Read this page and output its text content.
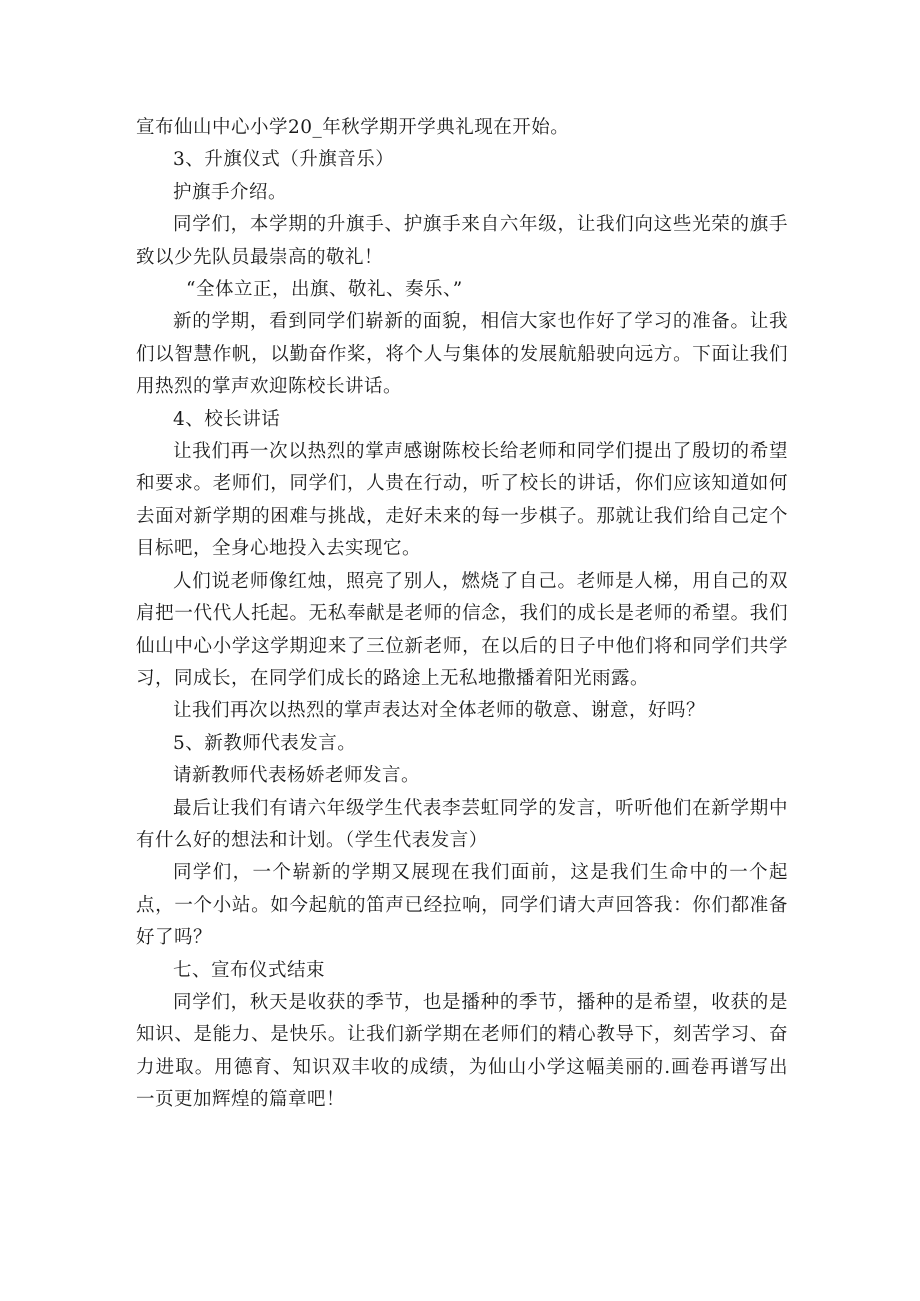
宣布仙山中心小学20_年秋学期开学典礼现在开始。

3、升旗仪式（升旗音乐）

护旗手介绍。

同学们，本学期的升旗手、护旗手来自六年级，让我们向这些光荣的旗手致以少先队员最崇高的敬礼！

“全体立正，出旗、敬礼、奏乐、”

新的学期，看到同学们崭新的面貌，相信大家也作好了学习的准备。让我们以智慧作帆，以勤奋作桨，将个人与集体的发展航船驶向远方。下面让我们用热烈的掌声欢迎陈校长讲话。

4、校长讲话

让我们再一次以热烈的掌声感谢陈校长给老师和同学们提出了殷切的希望和要求。老师们，同学们，人贵在行动，听了校长的讲话，你们应该知道如何去面对新学期的困难与挑战，走好未来的每一步棋子。那就让我们给自己定个目标吧，全身心地投入去实现它。

人们说老师像红烛，照亮了别人，燃烧了自己。老师是人梯，用自己的双肩把一代代人托起。无私奉献是老师的信念，我们的成长是老师的希望。我们仙山中心小学这学期迎来了三位新老师，在以后的日子中他们将和同学们共学习，同成长，在同学们成长的路途上无私地撒播着阳光雨露。

让我们再次以热烈的掌声表达对全体老师的敬意、谢意，好吗？

5、新教师代表发言。

请新教师代表杨娇老师发言。

最后让我们有请六年级学生代表李芸虹同学的发言，听听他们在新学期中有什么好的想法和计划。（学生代表发言）

同学们，一个崭新的学期又展现在我们面前，这是我们生命中的一个起点，一个小站。如今起航的笛声已经拉响，同学们请大声回答我：你们都准备好了吗？

七、宣布仪式结束

同学们，秋天是收获的季节，也是播种的季节，播种的是希望，收获的是知识、是能力、是快乐。让我们新学期在老师们的精心教导下，刻苦学习、奋力进取。用德育、知识双丰收的成绩，为仙山小学这幅美丽的.画卷再谱写出一页更加辉煌的篇章吧！
